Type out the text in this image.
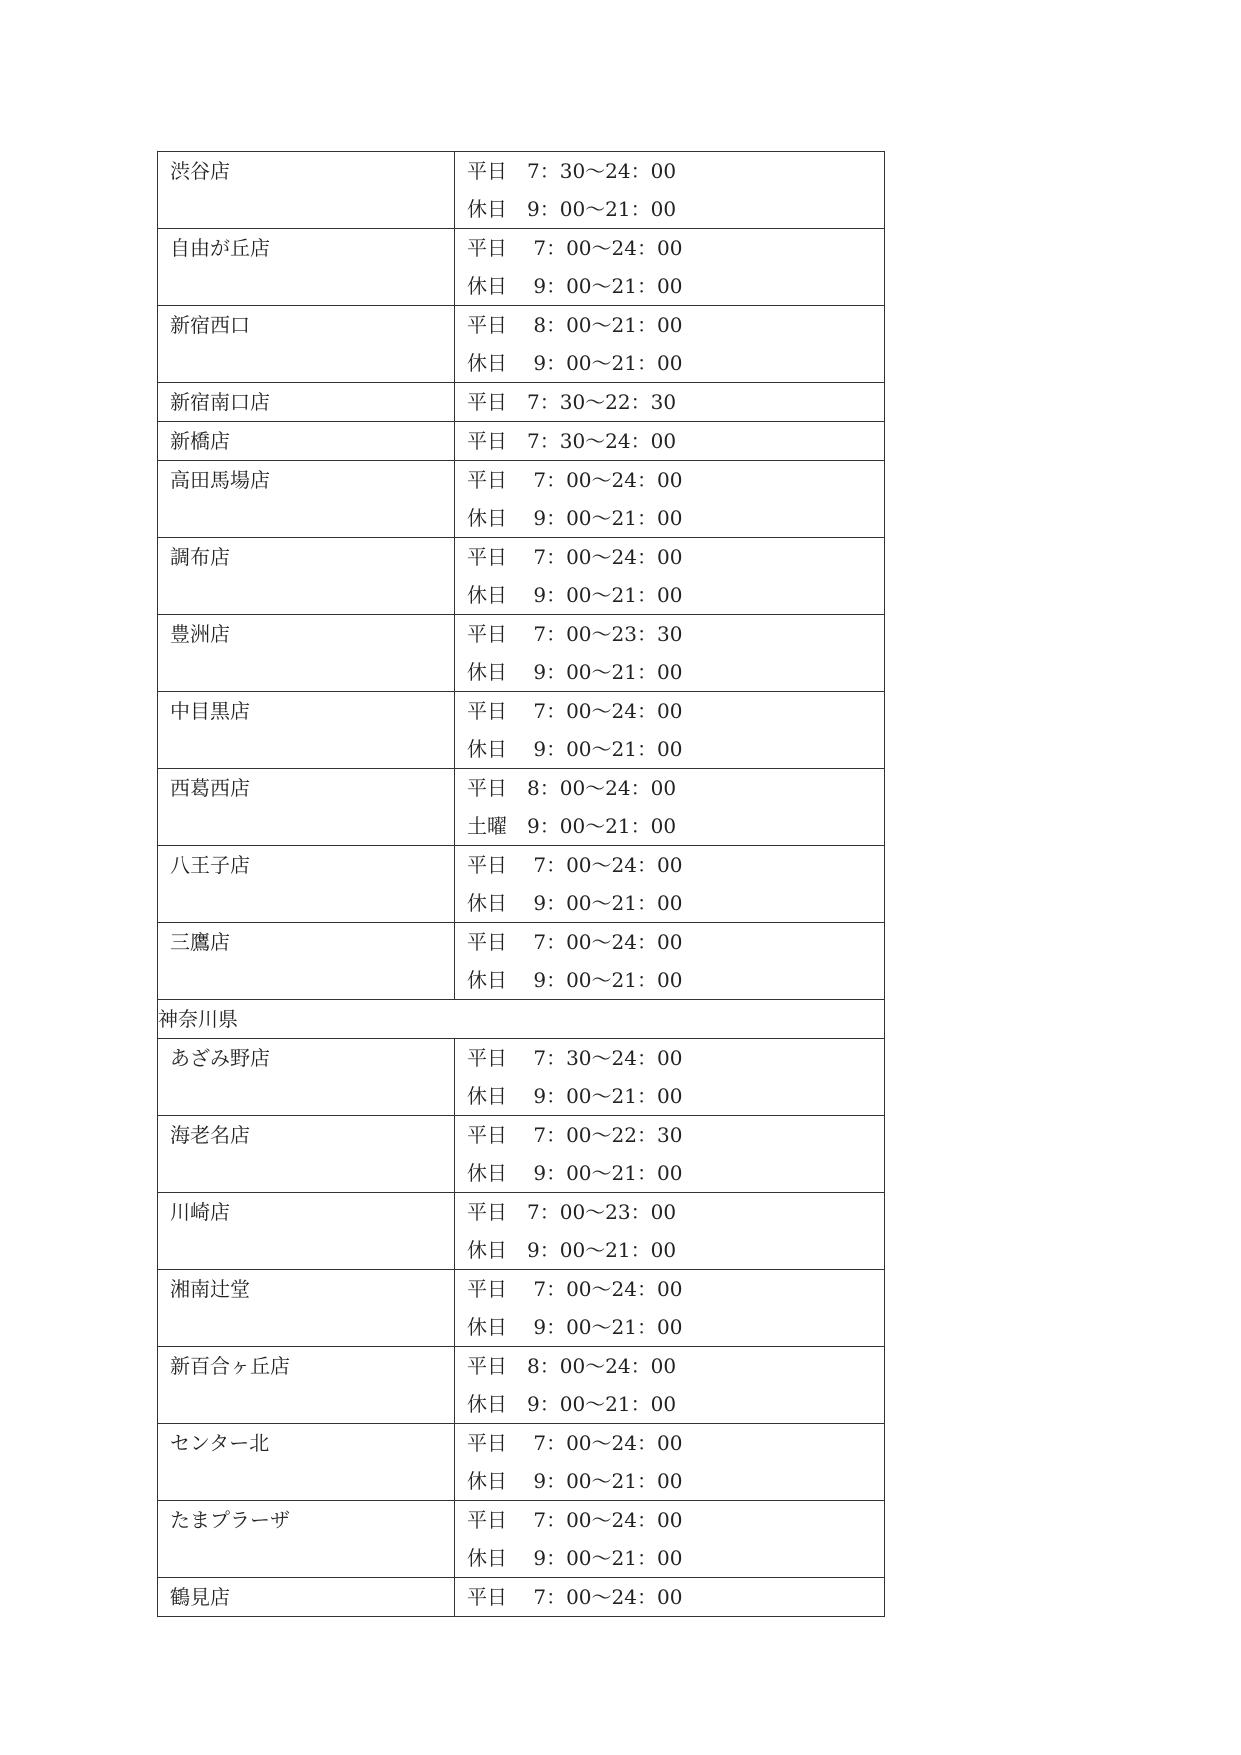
渋谷店	平日　7：30～24：00
休日　9：00～21：00

自由が丘店	平日　 7：00～24：00
休日　 9：00～21：00

新宿西口	平日　 8：00～21：00
休日　 9：00～21：00

新宿南口店	平日　7：30～22：30

新橋店	平日　7：30～24：00

高田馬場店	平日　 7：00～24：00
休日　 9：00～21：00

調布店	平日　 7：00～24：00
休日　 9：00～21：00

豊洲店	平日　 7：00～23：30
休日　 9：00～21：00

中目黒店	平日　 7：00～24：00
休日　 9：00～21：00

西葛西店	平日　8：00～24：00
土曜　9：00～21：00

八王子店	平日　 7：00～24：00
休日　 9：00～21：00

三鷹店	平日　 7：00～24：00
休日　 9：00～21：00

神奈川県	
あざみ野店	平日　 7：30～24：00
休日　 9：00～21：00

海老名店	平日　 7：00～22：30
休日　 9：00～21：00

川崎店	平日　7：00～23：00
休日　9：00～21：00

湘南辻堂	平日　 7：00～24：00
休日　 9：00～21：00

新百合ヶ丘店	平日　8：00～24：00
休日　9：00～21：00

センター北	平日　 7：00～24：00
休日　 9：00～21：00

たまプラーザ	平日　 7：00～24：00
休日　 9：00～21：00

鶴見店	平日　 7：00～24：00
